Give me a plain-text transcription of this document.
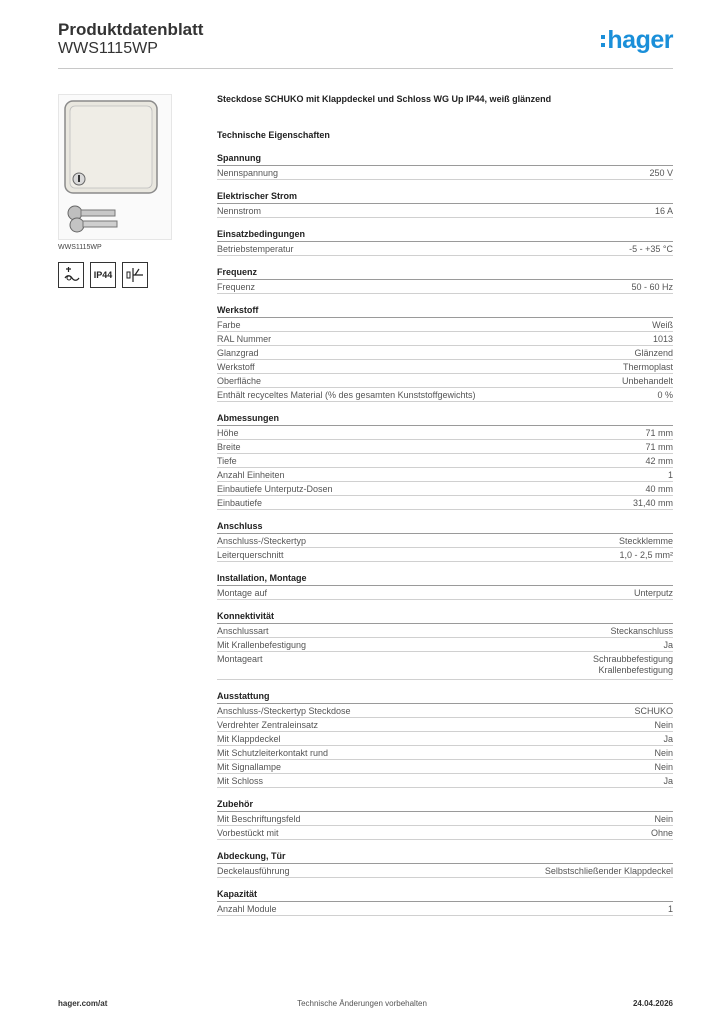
Produktdatenblatt
WWS1115WP	hager
WWS1115WP
IP44
Steckdose SCHUKO mit Klappdeckel und Schloss WG Up IP44, weiß glänzend
Technische Eigenschaften
Spannung
Nennspannung	250 V
Elektrischer Strom
Nennstrom	16 A
Einsatzbedingungen
Betriebstemperatur	-5 - +35 °C
Frequenz
Frequenz	50 - 60 Hz
Werkstoff
Farbe	Weiß
RAL Nummer	1013
Glanzgrad	Glänzend
Werkstoff	Thermoplast
Oberfläche	Unbehandelt
Enthält recyceltes Material (% des gesamten Kunststoffgewichts)	0 %
Abmessungen
Höhe	71 mm
Breite	71 mm
Tiefe	42 mm
Anzahl Einheiten	1
Einbautiefe Unterputz-Dosen	40 mm
Einbautiefe	31,40 mm
Anschluss
Anschluss-/Steckertyp	Steckklemme
Leiterquerschnitt	1,0 - 2,5 mm²
Installation, Montage
Montage auf	Unterputz
Konnektivität
Anschlussart	Steckanschluss
Mit Krallenbefestigung	Ja
Montageart	Schraubbefestigung
Krallenbefestigung
Ausstattung
Anschluss-/Steckertyp Steckdose	SCHUKO
Verdrehter Zentraleinsatz	Nein
Mit Klappdeckel	Ja
Mit Schutzleiterkontakt rund	Nein
Mit Signallampe	Nein
Mit Schloss	Ja
Zubehör
Mit Beschriftungsfeld	Nein
Vorbestückt mit	Ohne
Abdeckung, Tür
Deckelausführung	Selbstschließender Klappdeckel
Kapazität
Anzahl Module	1
hager.com/at	Technische Änderungen vorbehalten	24.04.2026
